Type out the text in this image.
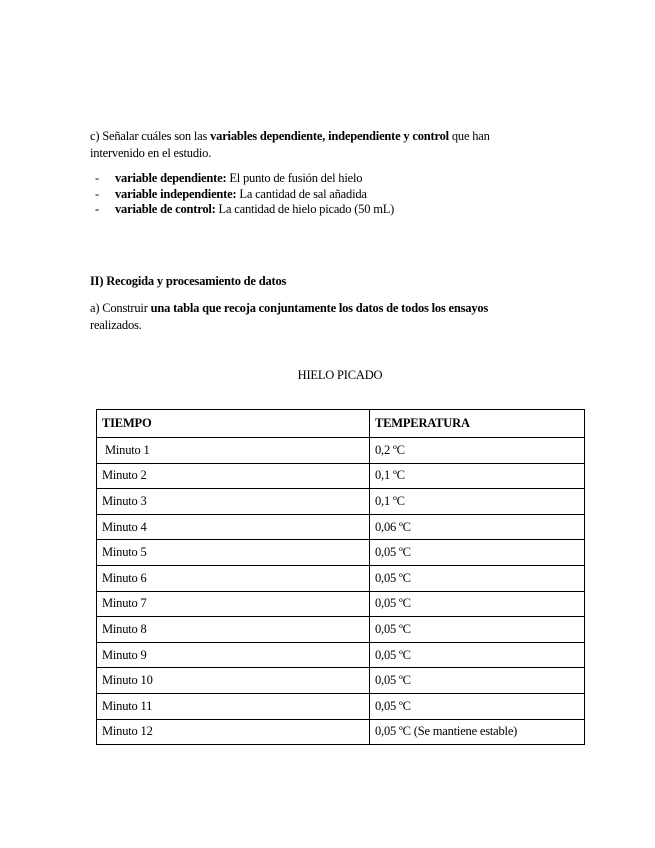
c) Señalar cuáles son las variables dependiente, independiente y control que han intervenido en el estudio.
- variable dependiente: El punto de fusión del hielo
- variable independiente: La cantidad de sal añadida
- variable de control: La cantidad de hielo picado (50 mL)
II) Recogida y procesamiento de datos
a) Construir una tabla que recoja conjuntamente los datos de todos los ensayos realizados.
HIELO PICADO
TIEMPO	TEMPERATURA
Minuto 1	0,2 ºC
Minuto 2	0,1 ºC
Minuto 3	0,1 ºC
Minuto 4	0,06 ºC
Minuto 5	0,05 ºC
Minuto 6	0,05 ºC
Minuto 7	0,05 ºC
Minuto 8	0,05 ºC
Minuto 9	0,05 ºC
Minuto 10	0,05 ºC
Minuto 11	0,05 ºC
Minuto 12	0,05 ºC (Se mantiene estable)
